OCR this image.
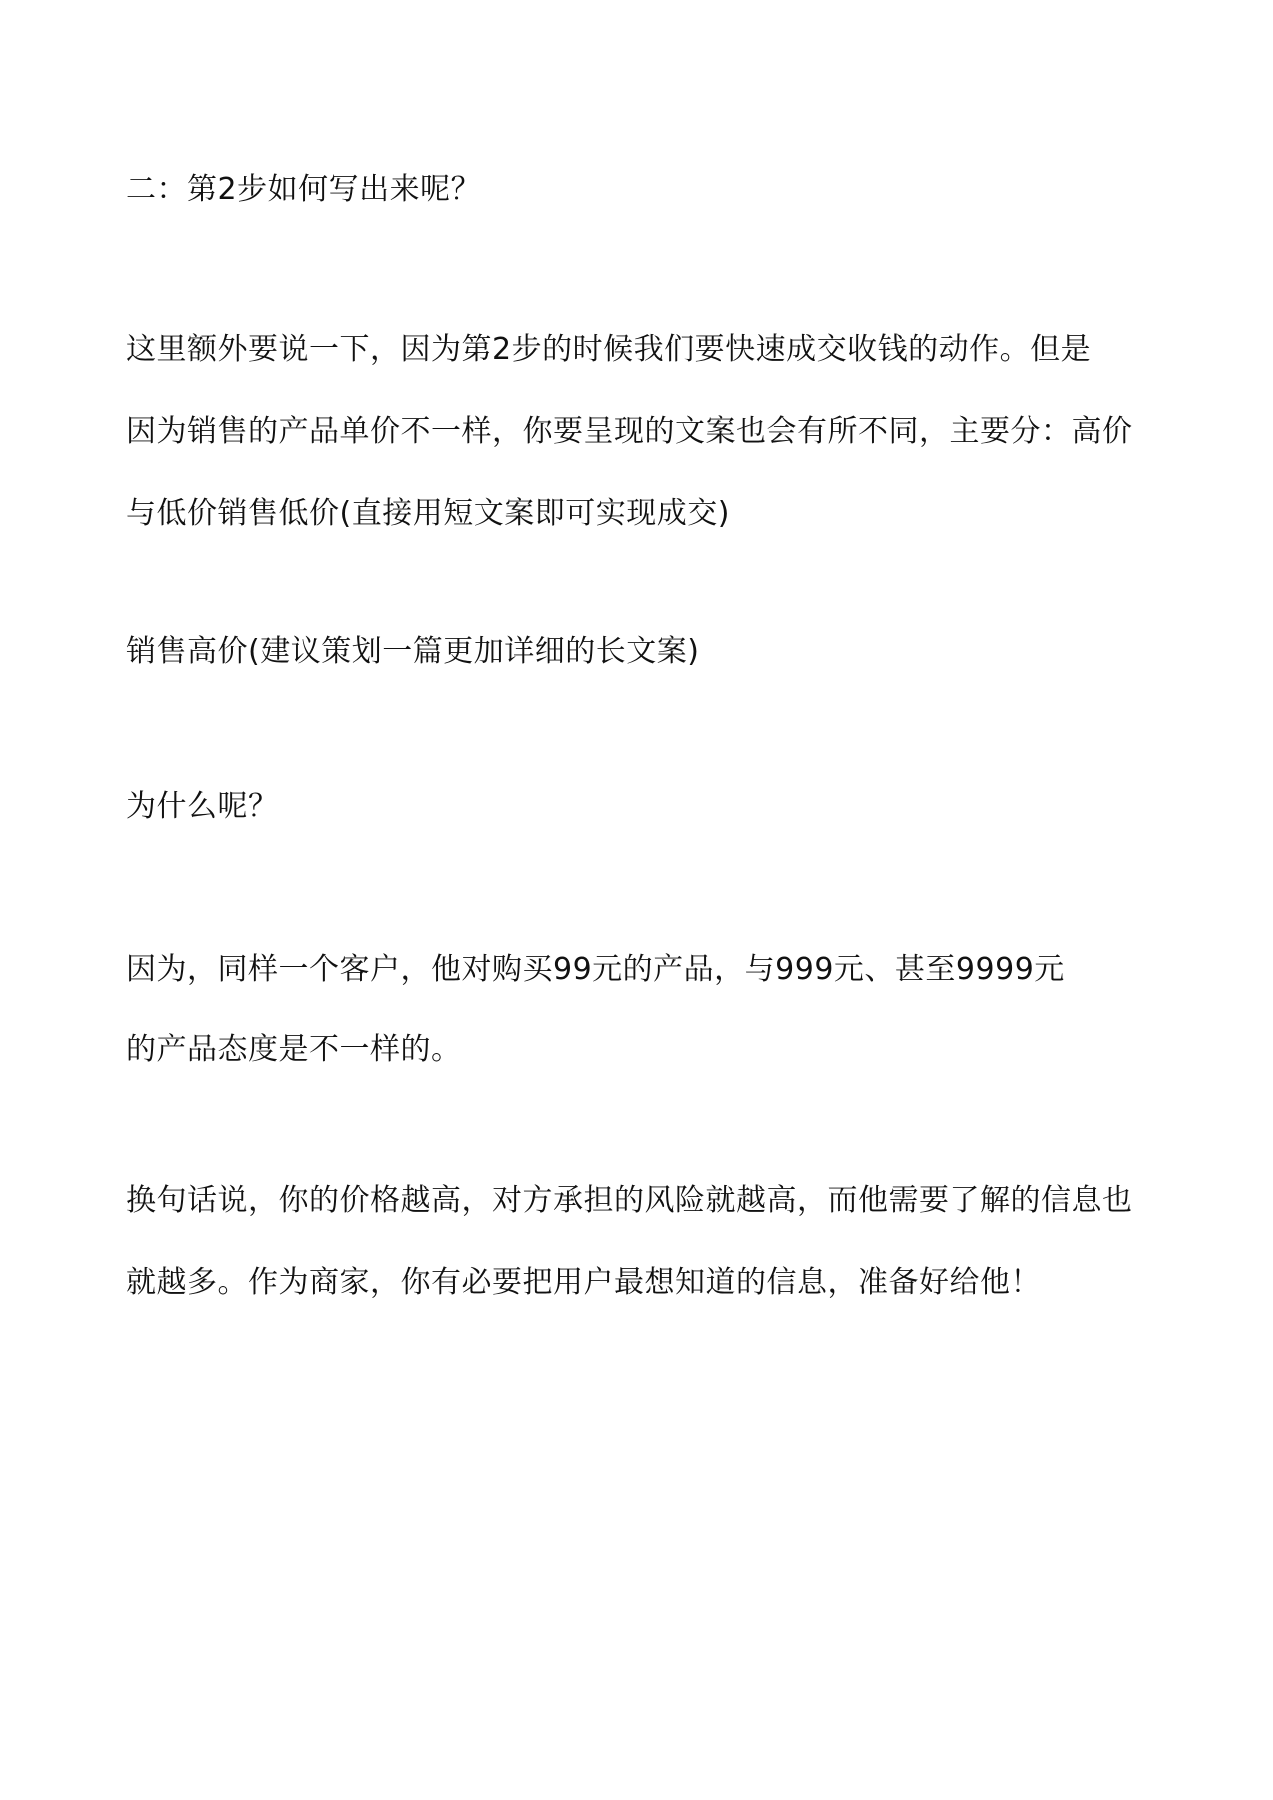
二：第2步如何写出来呢？
这里额外要说一下，因为第2步的时候我们要快速成交收钱的动作。但是
因为销售的产品单价不一样，你要呈现的文案也会有所不同，主要分：高价
与低价销售低价(直接用短文案即可实现成交)
销售高价(建议策划一篇更加详细的长文案)
为什么呢？
因为，同样一个客户，他对购买99元的产品，与999元、甚至9999元
的产品态度是不一样的。
换句话说，你的价格越高，对方承担的风险就越高，而他需要了解的信息也
就越多。作为商家，你有必要把用户最想知道的信息，准备好给他！
